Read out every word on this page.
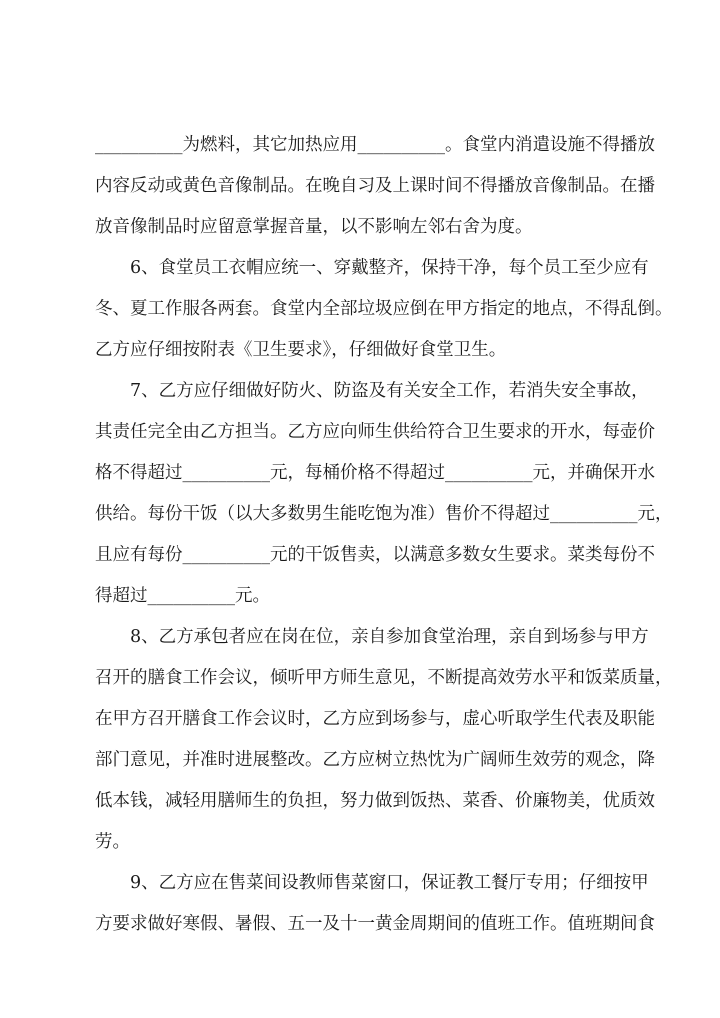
__________为燃料，其它加热应用__________。食堂内消遣设施不得播放
内容反动或黄色音像制品。在晚自习及上课时间不得播放音像制品。在播
放音像制品时应留意掌握音量，以不影响左邻右舍为度。
6、食堂员工衣帽应统一、穿戴整齐，保持干净，每个员工至少应有
冬、夏工作服各两套。食堂内全部垃圾应倒在甲方指定的地点，不得乱倒。
乙方应仔细按附表《卫生要求》，仔细做好食堂卫生。
7、乙方应仔细做好防火、防盗及有关安全工作，若消失安全事故，
其责任完全由乙方担当。乙方应向师生供给符合卫生要求的开水，每壶价
格不得超过__________元，每桶价格不得超过__________元，并确保开水
供给。每份干饭（以大多数男生能吃饱为准）售价不得超过__________元，
且应有每份__________元的干饭售卖，以满意多数女生要求。菜类每份不
得超过__________元。
8、乙方承包者应在岗在位，亲自参加食堂治理，亲自到场参与甲方
召开的膳食工作会议，倾听甲方师生意见，不断提高效劳水平和饭菜质量，
在甲方召开膳食工作会议时，乙方应到场参与，虚心听取学生代表及职能
部门意见，并准时进展整改。乙方应树立热忱为广阔师生效劳的观念，降
低本钱，减轻用膳师生的负担，努力做到饭热、菜香、价廉物美，优质效
劳。
9、乙方应在售菜间设教师售菜窗口，保证教工餐厅专用；仔细按甲
方要求做好寒假、暑假、五一及十一黄金周期间的值班工作。值班期间食
